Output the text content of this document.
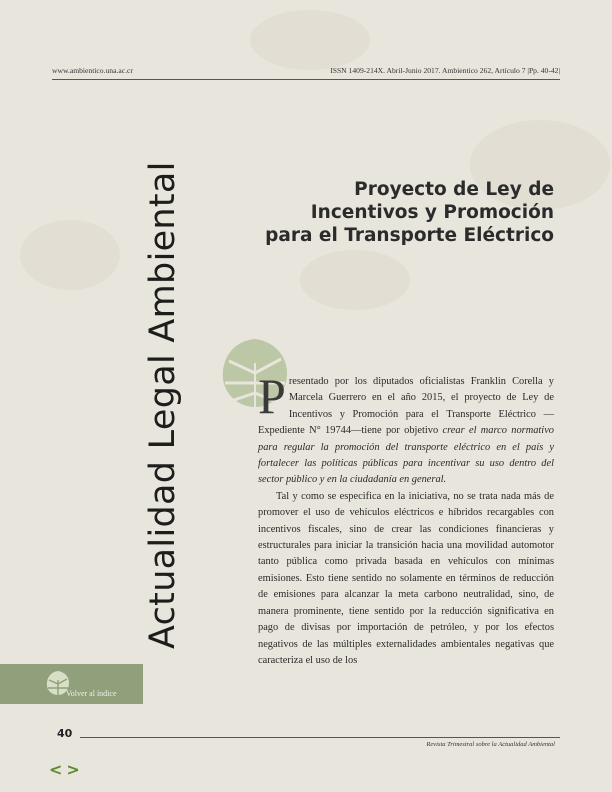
www.ambientico.una.ac.cr	ISSN 1409-214X. Abril-Junio 2017. Ambientico 262, Artículo 7 |Pp. 40-42|
Actualidad Legal Ambiental	Proyecto de Ley de
Incentivos y Promoción
para el Transporte Eléctrico

Presentado por los diputados oficialistas Franklin Corella y Marcela Guerrero en el año 2015, el proyecto de Ley de Incentivos y Promoción para el Transporte Eléctrico —Expediente N° 19744—tiene por objetivo crear el marco normativo para regular la promoción del transporte eléctrico en el país y fortalecer las políticas públicas para incentivar su uso dentro del sector público y en la ciudadanía en general.

Tal y como se especifica en la iniciativa, no se trata nada más de promover el uso de vehículos eléctricos e híbridos recargables con incentivos fiscales, sino de crear las condiciones financieras y estructurales para iniciar la transición hacia una movilidad automotor tanto pública como privada basada en vehículos con mínimas emisiones. Esto tiene sentido no solamente en términos de reducción de emisiones para alcanzar la meta carbono neutralidad, sino, de manera prominente, tiene sentido por la reducción significativa en pago de divisas por importación de petróleo, y por los efectos negativos de las múltiples externalidades ambientales negativas que caracteriza el uso de los

Volver al índice
40
Revista Trimestral sobre la Actualidad Ambiental
< >
